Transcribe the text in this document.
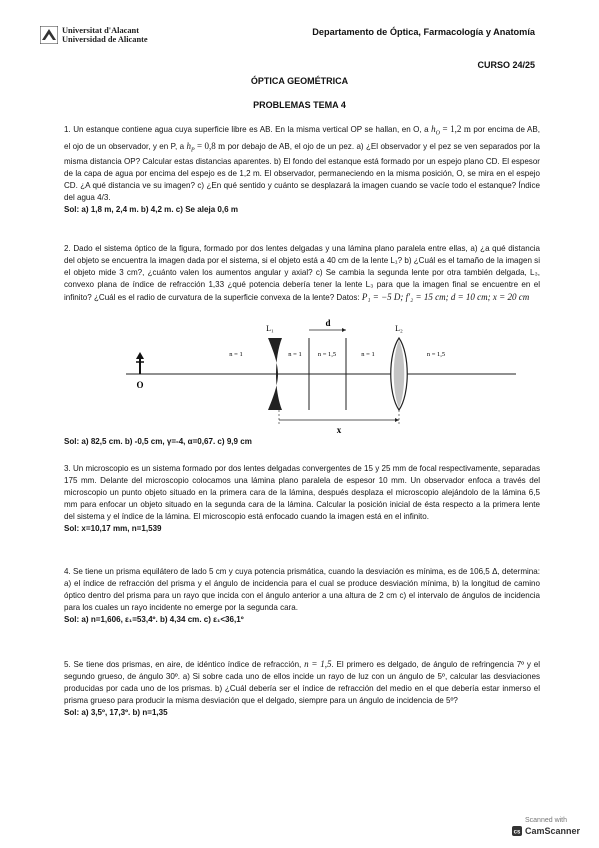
Universitat d'Alacant
Universidad de Alicante
Departamento de Óptica, Farmacología y Anatomía
CURSO 24/25
ÓPTICA GEOMÉTRICA
PROBLEMAS TEMA 4

1. Un estanque contiene agua cuya superficie libre es AB. En la misma vertical OP se hallan, en O, a $h_O = 1,2$ m por encima de AB, el ojo de un observador, y en P, a $h_P = 0,8$ m por debajo de AB, el ojo de un pez. a) ¿El observador y el pez se ven separados por la misma distancia OP? Calcular estas distancias aparentes. b) El fondo del estanque está formado por un espejo plano CD. El espesor de la capa de agua por encima del espejo es de 1,2 m. El observador, permaneciendo en la misma posición, O, se mira en el espejo CD. ¿A qué distancia ve su imagen? c) ¿En qué sentido y cuánto se desplazará la imagen cuando se vacíe todo el estanque? Índice del agua 4/3.

Sol: a) 1,8 m, 2,4 m. b) 4,2 m. c) Se aleja 0,6 m

2. Dado el sistema óptico de la figura, formado por dos lentes delgadas y una lámina plano paralela entre ellas, a) ¿a qué distancia del objeto se encuentra la imagen dada por el sistema, si el objeto está a 40 cm de la lente L₁? b) ¿Cuál es el tamaño de la imagen si el objeto mide 3 cm?, ¿cuánto valen los aumentos angular y axial? c) Se cambia la segunda lente por otra también delgada, L₃, convexo plana de índice de refracción 1,33 ¿qué potencia debería tener la lente L₃ para que la imagen final se encuentre en el infinito? ¿Cuál es el radio de curvatura de la superficie convexa de la lente? Datos: P₁ = −5 D; f′₂ = 15 cm; d = 10 cm; x = 20 cm

O
L₁	L₂
d
n = 1	n = 1 n = 1,5	n = 1	n = 1,5
x

Sol: a) 82,5 cm. b) -0,5 cm, γ=-4, α=0,67. c) 9,9 cm

3. Un microscopio es un sistema formado por dos lentes delgadas convergentes de 15 y 25 mm de focal respectivamente, separadas 175 mm. Delante del microscopio colocamos una lámina plano paralela de espesor 10 mm. Un observador enfoca a través del microscopio un punto objeto situado en la primera cara de la lámina, después desplaza el microscopio alejándolo de la lámina 6,5 mm para enfocar un objeto situado en la segunda cara de la lámina. Calcular la posición inicial de ésta respecto a la primera lente del sistema y el índice de la lámina. El microscopio está enfocado cuando la imagen está en el infinito.

Sol: x=10,17 mm, n=1,539

4. Se tiene un prisma equilátero de lado 5 cm y cuya potencia prismática, cuando la desviación es mínima, es de 106,5 Δ, determina: a) el índice de refracción del prisma y el ángulo de incidencia para el cual se produce desviación mínima, b) la longitud de camino óptico dentro del prisma para un rayo que incida con el ángulo anterior a una altura de 2 cm c) el intervalo de ángulos de incidencia para los cuales un rayo incidente no emerge por la segunda cara.

Sol: a) n=1,606, ε₁=53,4º. b) 4,34 cm. c) ε₁<36,1º

5. Se tiene dos prismas, en aire, de idéntico índice de refracción, n = 1,5. El primero es delgado, de ángulo de refringencia 7º y el segundo grueso, de ángulo 30º. a) Si sobre cada uno de ellos incide un rayo de luz con un ángulo de 5º, calcular las desviaciones producidas por cada uno de los prismas. b) ¿Cuál debería ser el índice de refracción del medio en el que debería estar inmerso el prisma grueso para producir la misma desviación que el delgado, siempre para un ángulo de incidencia de 5º?

Sol: a) 3,5º, 17,3º. b) n=1,35

Scanned with
cs CamScanner
